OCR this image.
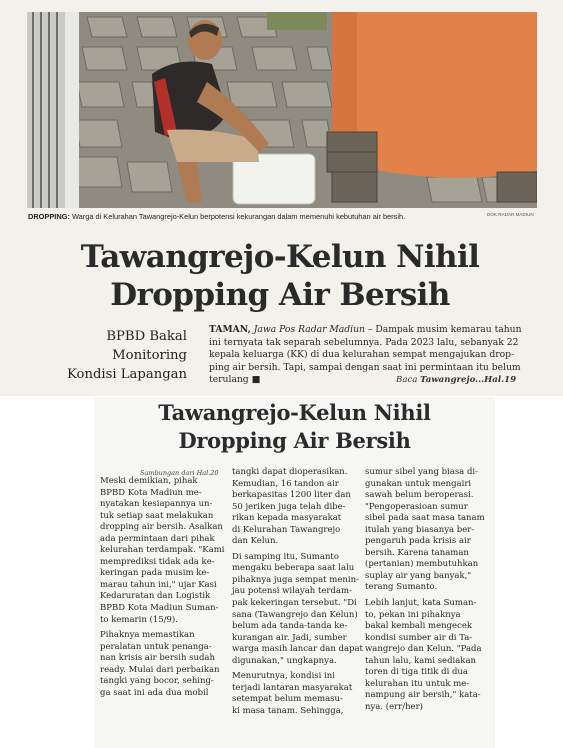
DROPPING: Warga di Kelurahan Tawangrejo-Kelun berpotensi kekurangan dalam memenuhi kebutuhan air bersih.	DOK RADAR MADIUN
Tawangrejo-Kelun Nihil
Dropping Air Bersih
BPBD Bakal
Monitoring
Kondisi Lapangan
TAMAN, Jawa Pos Radar Madiun – Dampak musim kemarau tahun
ini ternyata tak separah sebelumnya. Pada 2023 lalu, sebanyak 22
kepala keluarga (KK) di dua kelurahan sempat mengajukan drop-
ping air bersih. Tapi, sampai dengan saat ini permintaan itu belum
terulang ■	Baca Tawangrejo...Hal.19
Tawangrejo-Kelun Nihil
Dropping Air Bersih
Sambungan dari Hal.20
Meski demikian, pihak
BPBD Kota Madiun me-
nyatakan kesiapannya un-
tuk setiap saat melakukan
dropping air bersih. Asalkan
ada permintaan dari pihak
kelurahan terdampak. "Kami
memprediksi tidak ada ke-
keringan pada musim ke-
marau tahun ini," ujar Kasi
Kedaruratan dan Logistik
BPBD Kota Madiun Suman-
to kemarin (15/9).
Pihaknya memastikan
peralatan untuk penanga-
nan krisis air bersih sudah
ready. Mulai dari perbaikan
tangki yang bocor, sehing-
ga saat ini ada dua mobil
tangki dapat dioperasikan.
Kemudian, 16 tandon air
berkapasitas 1200 liter dan
50 jeriken juga telah dibe-
rikan kepada masyarakat
di Kelurahan Tawangrejo
dan Kelun.
Di samping itu, Sumanto
mengaku beberapa saat lalu
pihaknya juga sempat menin-
jau potensi wilayah terdam-
pak kekeringan tersebut. "Di
sana (Tawangrejo dan Kelun)
belum ada tanda-tanda ke-
kurangan air. Jadi, sumber
warga masih lancar dan dapat
digunakan," ungkapnya.
Menurutnya, kondisi ini
terjadi lantaran masyarakat
setempat belum memasu-
ki masa tanam. Sehingga,
sumur sibel yang biasa di-
gunakan untuk mengairi
sawah belum beroperasi.
"Pengoperasioan sumur
sibel pada saat masa tanam
itulah yang biasanya ber-
pengaruh pada krisis air
bersih. Karena tanaman
(pertanian) membutuhkan
suplay air yang banyak,"
terang Sumanto.
Lebih lanjut, kata Suman-
to, pekan ini pihaknya
bakal kembali mengecek
kondisi sumber air di Ta-
wangrejo dan Kelun. "Pada
tahun lalu, kami sediakan
toren di tiga titik di dua
kelurahan itu untuk me-
nampung air bersih," kata-
nya. (err/her)
